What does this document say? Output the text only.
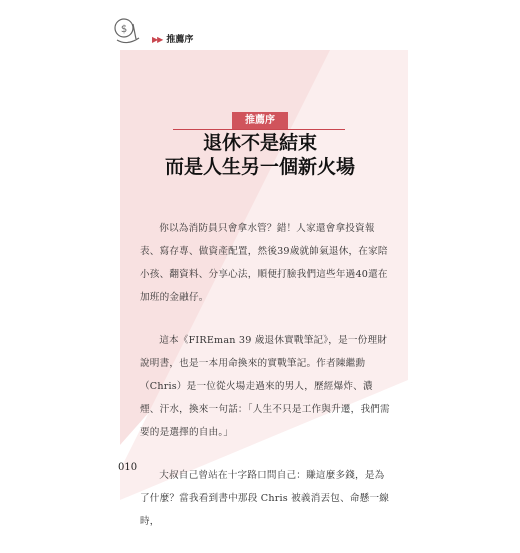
$
▶▶ 推薦序
推薦序
退休不是結束
而是人生另一個新火場

你以為消防員只會拿水管？錯！人家還會拿投資報表、寫存專、做資產配置，然後39歲就帥氣退休，在家陪小孩、翻資料、分享心法，順便打臉我們這些年過40還在加班的金融仔。

這本《FIREman 39 歲退休實戰筆記》，是一份理財說明書，也是一本用命換來的實戰筆記。作者陳繼勳（Chris）是一位從火場走過來的男人，歷經爆炸、濃煙、汗水，換來一句話：「人生不只是工作與升遷，我們需要的是選擇的自由。」

大叔自己曾站在十字路口問自己：賺這麼多錢，是為了什麼？當我看到書中那段 Chris 被義消丟包、命懸一線時，

010
